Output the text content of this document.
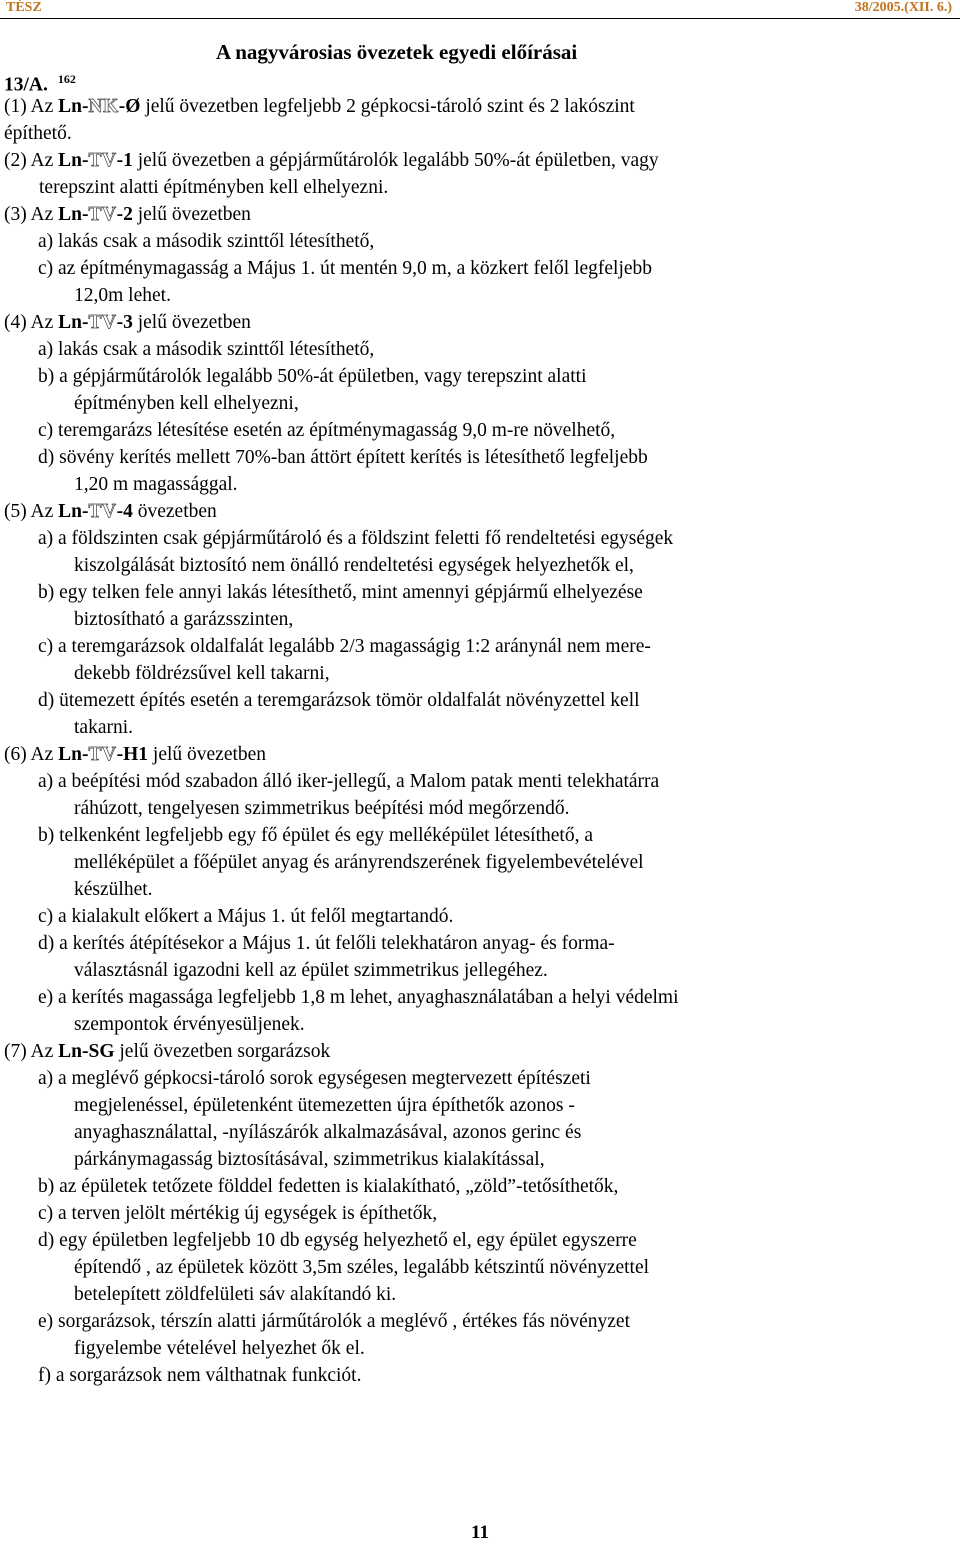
TÉSZ	38/2005.(XII. 6.)
A nagyvárosias övezetek egyedi előírásai
13/A. $^{162}$
(1) Az Ln-NK-Ø jelű övezetben legfeljebb 2 gépkocsi-tároló szint és 2 lakószint
építhető.
(2) Az Ln-TV-1 jelű övezetben a gépjárműtárolók legalább 50%-át épületben, vagy
terepszint alatti építményben kell elhelyezni.
(3) Az Ln-TV-2 jelű övezetben
a) lakás csak a második szinttől létesíthető,
c) az építménymagasság a Május 1. út mentén 9,0 m, a közkert felől legfeljebb
12,0m lehet.
(4) Az Ln-TV-3 jelű övezetben
a) lakás csak a második szinttől létesíthető,
b) a gépjárműtárolók legalább 50%-át épületben, vagy terepszint alatti
építményben kell elhelyezni,
c) teremgarázs létesítése esetén az építménymagasság 9,0 m-re növelhető,
d) sövény kerítés mellett 70%-ban áttört épített kerítés is létesíthető legfeljebb
1,20 m magassággal.
(5) Az Ln-TV-4 övezetben
a) a földszinten csak gépjárműtároló és a földszint feletti fő rendeltetési egységek
kiszolgálását biztosító nem önálló rendeltetési egységek helyezhetők el,
b) egy telken fele annyi lakás létesíthető, mint amennyi gépjármű elhelyezése
biztosítható a garázsszinten,
c) a teremgarázsok oldalfalát legalább 2/3 magasságig 1:2 aránynál nem mere-
dekebb földrézsűvel kell takarni,
d) ütemezett építés esetén a teremgarázsok tömör oldalfalát növényzettel kell
takarni.
(6) Az Ln-TV-H1 jelű övezetben
a) a beépítési mód szabadon álló iker-jellegű, a Malom patak menti telekhatárra
ráhúzott, tengelyesen szimmetrikus beépítési mód megőrzendő.
b) telkenként legfeljebb egy fő épület és egy melléképület létesíthető, a
melléképület a főépület anyag és arányrendszerének figyelembevételével
készülhet.
c) a kialakult előkert a Május 1. út felől megtartandó.
d) a kerítés átépítésekor a Május 1. út felőli telekhatáron anyag- és forma-
választásnál igazodni kell az épület szimmetrikus jellegéhez.
e) a kerítés magassága legfeljebb 1,8 m lehet, anyaghasználatában a helyi védelmi
szempontok érvényesüljenek.
(7) Az Ln-SG jelű övezetben sorgarázsok
a) a meglévő gépkocsi-tároló sorok egységesen megtervezett építészeti
megjelenéssel, épületenként ütemezetten újra építhetők azonos -
anyaghasználattal, -nyílászárók alkalmazásával, azonos gerinc és
párkánymagasság biztosításával, szimmetrikus kialakítással,
b) az épületek tetőzete földdel fedetten is kialakítható, „zöld”-tetősíthetők,
c) a terven jelölt mértékig új egységek is építhetők,
d) egy épületben legfeljebb 10 db egység helyezhető el, egy épület egyszerre
építendő , az épületek között 3,5m széles, legalább kétszintű növényzettel
betelepített zöldfelületi sáv alakítandó ki.
e) sorgarázsok, térszín alatti járműtárolók a meglévő , értékes fás növényzet
figyelembe vételével helyezhet ők el.
f) a sorgarázsok nem válthatnak funkciót.
11
